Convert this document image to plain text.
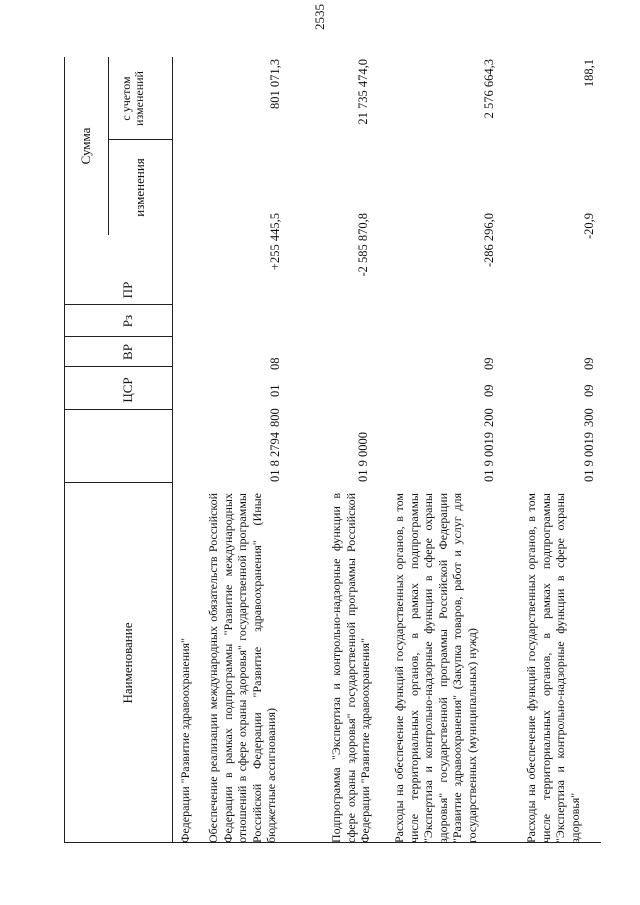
2535
Наименование
ЦСР
ВР
Рз
ПР
Сумма
изменения
с учетом изменений
Федерации "Развитие здравоохранения" Обеспечение реализации международных обязательств Российской Федерации в рамках подпрограммы "Развитие международных отношений в сфере охраны здоровья" государственной программы Российской Федерации "Развитие здравоохранения" (Иные бюджетные ассигнования)
01 8 2794
800
01
08
+255 445,5
801 071,3
Подпрограмма "Экспертиза и контрольно-надзорные функции в сфере охраны здоровья" государственной программы Российской Федерации "Развитие здравоохранения"
01 9 0000
-2 585 870,8
21 735 474,0
Расходы на обеспечение функций государственных органов, в том числе территориальных органов, в рамках подпрограммы "Экспертиза и контрольно-надзорные функции в сфере охраны здоровья" государственной программы Российской Федерации "Развитие здравоохранения" (Закупка товаров, работ и услуг для государственных (муниципальных) нужд)
01 9 0019
200
09
09
-286 296,0
2 576 664,3
Расходы на обеспечение функций государственных органов, в том числе территориальных органов, в рамках подпрограммы "Экспертиза и контрольно-надзорные функции в сфере охраны здоровья"
01 9 0019
300
09
09
-20,9
188,1
